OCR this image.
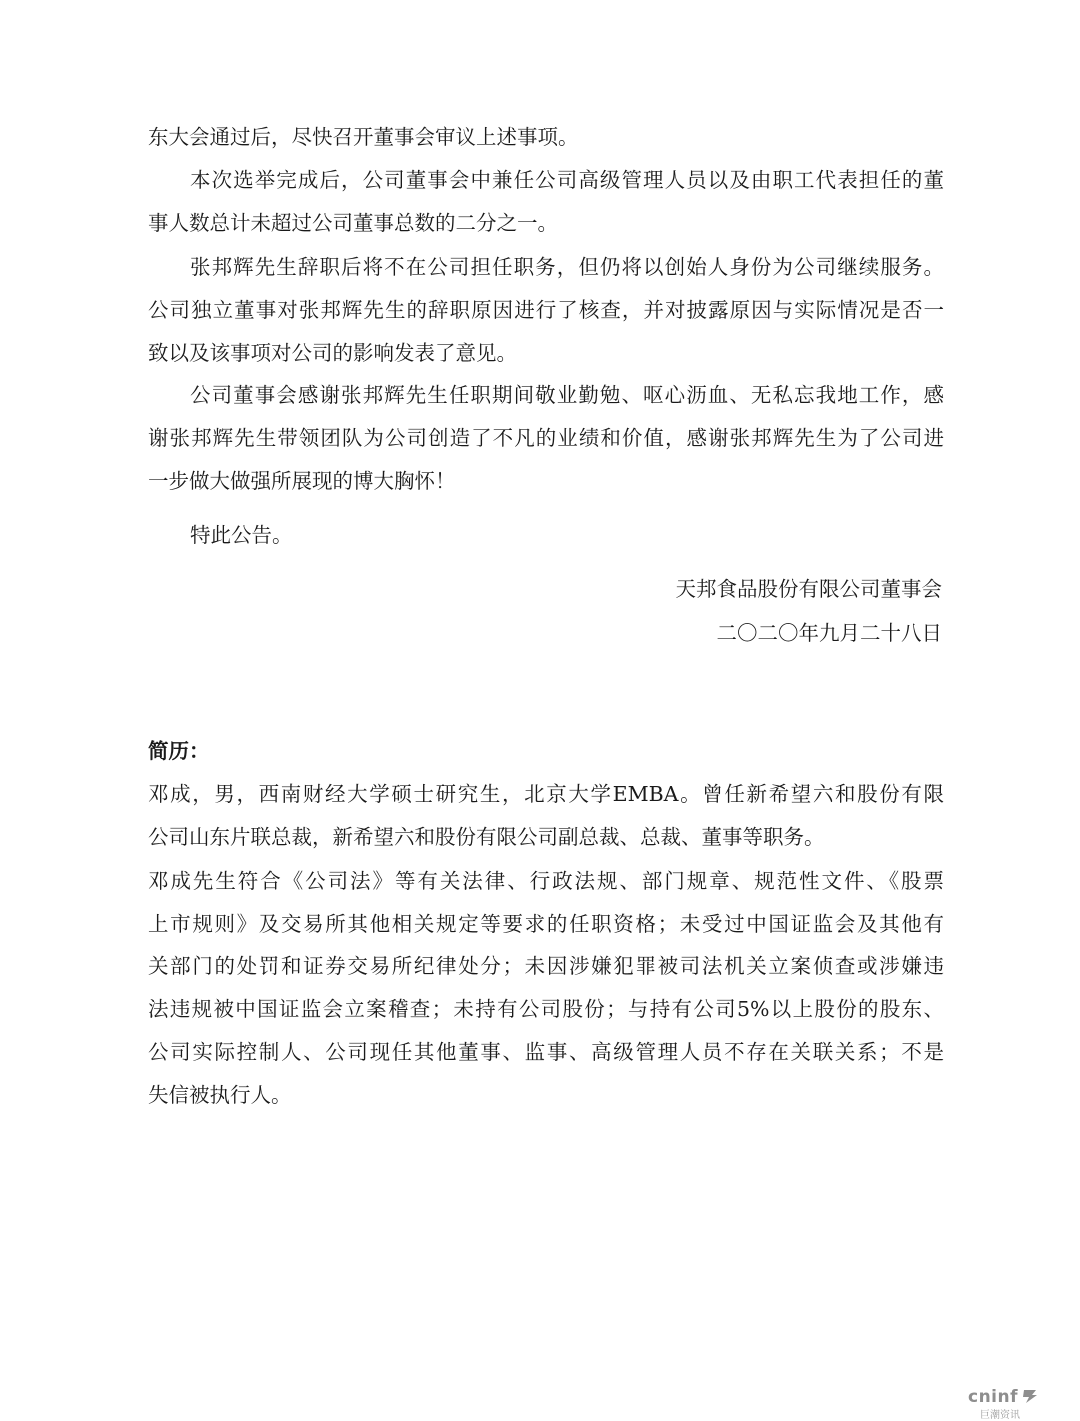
东大会通过后，尽快召开董事会审议上述事项。
本次选举完成后，公司董事会中兼任公司高级管理人员以及由职工代表担任的董
事人数总计未超过公司董事总数的二分之一。
张邦辉先生辞职后将不在公司担任职务，但仍将以创始人身份为公司继续服务。
公司独立董事对张邦辉先生的辞职原因进行了核查，并对披露原因与实际情况是否一
致以及该事项对公司的影响发表了意见。
公司董事会感谢张邦辉先生任职期间敬业勤勉、呕心沥血、无私忘我地工作，感
谢张邦辉先生带领团队为公司创造了不凡的业绩和价值，感谢张邦辉先生为了公司进
一步做大做强所展现的博大胸怀！
特此公告。
天邦食品股份有限公司董事会
二〇二〇年九月二十八日
简历：
邓成，男，西南财经大学硕士研究生，北京大学EMBA。曾任新希望六和股份有限
公司山东片联总裁，新希望六和股份有限公司副总裁、总裁、董事等职务。
邓成先生符合《公司法》等有关法律、行政法规、部门规章、规范性文件、《股票
上市规则》及交易所其他相关规定等要求的任职资格；未受过中国证监会及其他有
关部门的处罚和证券交易所纪律处分；未因涉嫌犯罪被司法机关立案侦查或涉嫌违
法违规被中国证监会立案稽查；未持有公司股份；与持有公司5%以上股份的股东、
公司实际控制人、公司现任其他董事、监事、高级管理人员不存在关联关系；不是
失信被执行人。
cninf
巨潮资讯
